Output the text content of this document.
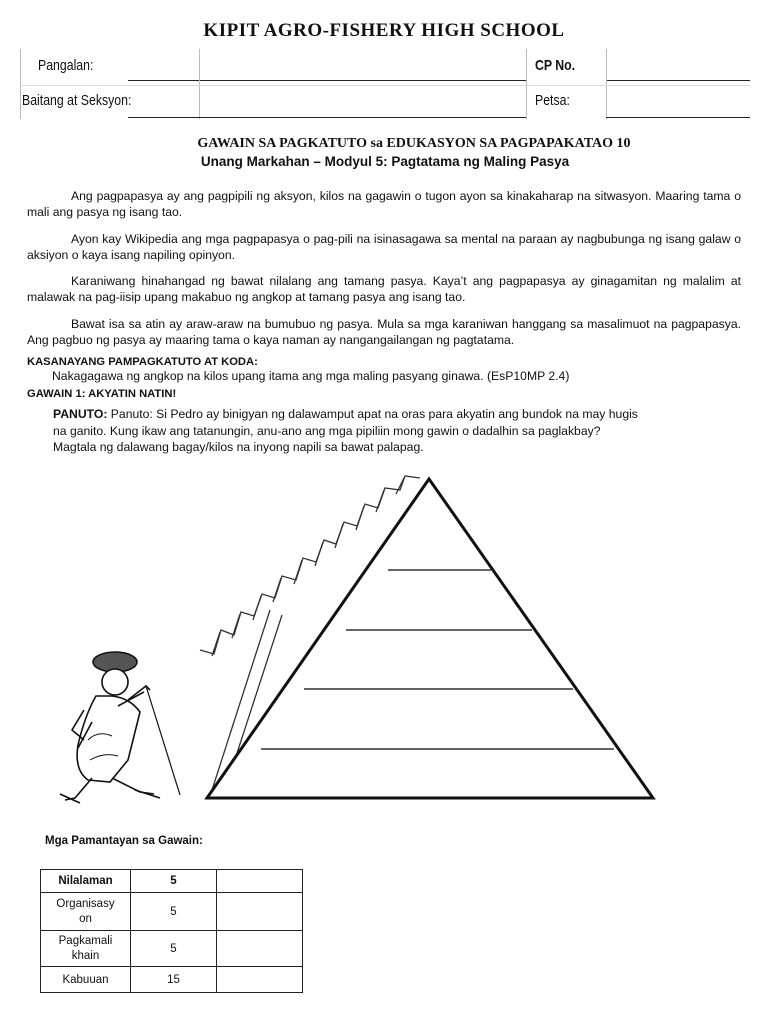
KIPIT AGRO-FISHERY HIGH SCHOOL
Pangalan:	CP No.
Baitang at Seksyon:	Petsa:
GAWAIN SA PAGKATUTO sa EDUKASYON SA PAGPAPAKATAO 10
Unang Markahan – Modyul 5: Pagtatama ng Maling Pasya
Ang pagpapasya ay ang pagpipili ng aksyon, kilos na gagawin o tugon ayon sa kinakaharap na sitwasyon. Maaring tama o mali ang pasya ng isang tao.
Ayon kay Wikipedia ang mga pagpapasya o pag-pili na isinasagawa sa mental na paraan ay nagbubunga ng isang galaw o aksiyon o kaya isang napiling opinyon.
Karaniwang hinahangad ng bawat nilalang ang tamang pasya. Kaya’t ang pagpapasya ay ginagamitan ng malalim at malawak na pag-iisip upang makabuo ng angkop at tamang pasya ang isang tao.
Bawat isa sa atin ay araw-araw na bumubuo ng pasya. Mula sa mga karaniwan hanggang sa masalimuot na pagpapasya. Ang pagbuo ng pasya ay maaring tama o kaya naman ay nangangailangan ng pagtatama.
KASANAYANG PAMPAGKATUTO AT KODA:
Nakagagawa ng angkop na kilos upang itama ang mga maling pasyang ginawa. (EsP10MP 2.4)
GAWAIN 1: AKYATIN NATIN!
PANUTO: Panuto: Si Pedro ay binigyan ng dalawamput apat na oras para akyatin ang bundok na may hugis
na ganito. Kung ikaw ang tatanungin, anu-ano ang mga pipiliin mong gawin o dadalhin sa paglakbay?
Magtala ng dalawang bagay/kilos na inyong napili sa bawat palapag.
Mga Pamantayan sa Gawain:
Nilalaman	5	

Organisasy on	5	

Pagkamali khain	5	
Kabuuan	15	
